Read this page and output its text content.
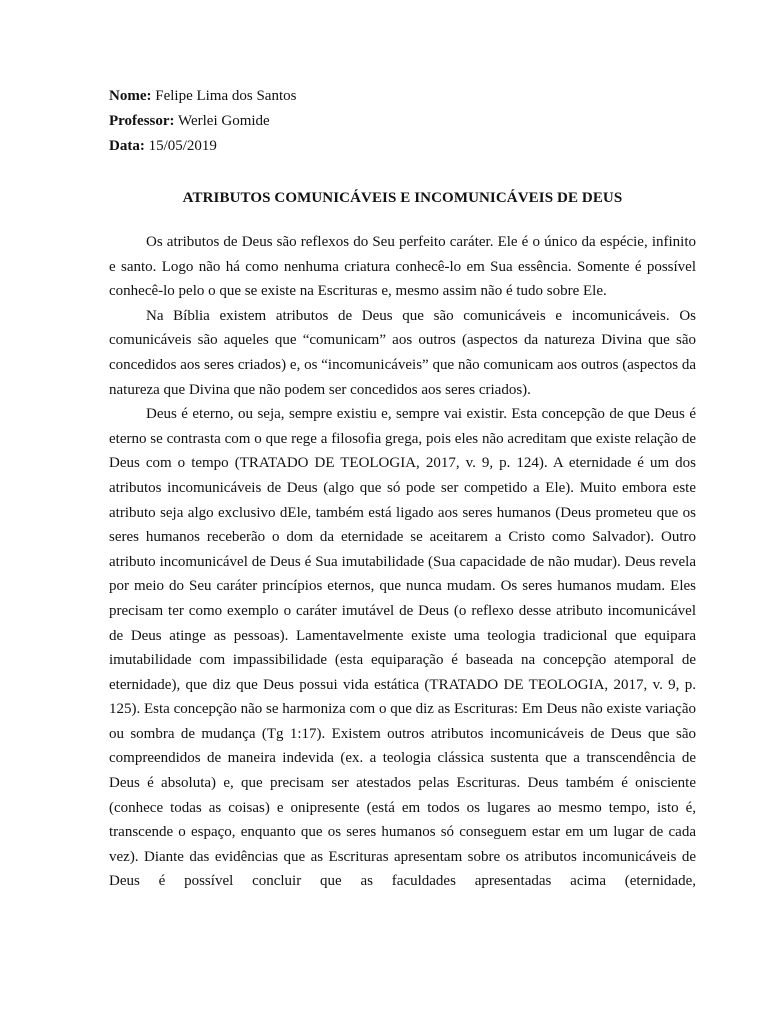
Nome: Felipe Lima dos Santos

Professor: Werlei Gomide

Data: 15/05/2019

ATRIBUTOS COMUNICÁVEIS E INCOMUNICÁVEIS DE DEUS

Os atributos de Deus são reflexos do Seu perfeito caráter. Ele é o único da espécie, infinito e santo. Logo não há como nenhuma criatura conhecê-lo em Sua essência. Somente é possível conhecê-lo pelo o que se existe na Escrituras e, mesmo assim não é tudo sobre Ele.

Na Bíblia existem atributos de Deus que são comunicáveis e incomunicáveis. Os comunicáveis são aqueles que “comunicam” aos outros (aspectos da natureza Divina que são concedidos aos seres criados) e, os “incomunicáveis” que não comunicam aos outros (aspectos da natureza que Divina que não podem ser concedidos aos seres criados).

Deus é eterno, ou seja, sempre existiu e, sempre vai existir. Esta concepção de que Deus é eterno se contrasta com o que rege a filosofia grega, pois eles não acreditam que existe relação de Deus com o tempo (TRATADO DE TEOLOGIA, 2017, v. 9, p. 124). A eternidade é um dos atributos incomunicáveis de Deus (algo que só pode ser competido a Ele). Muito embora este atributo seja algo exclusivo dEle, também está ligado aos seres humanos (Deus prometeu que os seres humanos receberão o dom da eternidade se aceitarem a Cristo como Salvador). Outro atributo incomunicável de Deus é Sua imutabilidade (Sua capacidade de não mudar). Deus revela por meio do Seu caráter princípios eternos, que nunca mudam. Os seres humanos mudam. Eles precisam ter como exemplo o caráter imutável de Deus (o reflexo desse atributo incomunicável de Deus atinge as pessoas). Lamentavelmente existe uma teologia tradicional que equipara imutabilidade com impassibilidade (esta equiparação é baseada na concepção atemporal de eternidade), que diz que Deus possui vida estática (TRATADO DE TEOLOGIA, 2017, v. 9, p. 125). Esta concepção não se harmoniza com o que diz as Escrituras: Em Deus não existe variação ou sombra de mudança (Tg 1:17). Existem outros atributos incomunicáveis de Deus que são compreendidos de maneira indevida (ex. a teologia clássica sustenta que a transcendência de Deus é absoluta) e, que precisam ser atestados pelas Escrituras. Deus também é onisciente (conhece todas as coisas) e onipresente (está em todos os lugares ao mesmo tempo, isto é, transcende o espaço, enquanto que os seres humanos só conseguem estar em um lugar de cada vez). Diante das evidências que as Escrituras apresentam sobre os atributos incomunicáveis de Deus é possível concluir que as faculdades apresentadas acima (eternidade,
